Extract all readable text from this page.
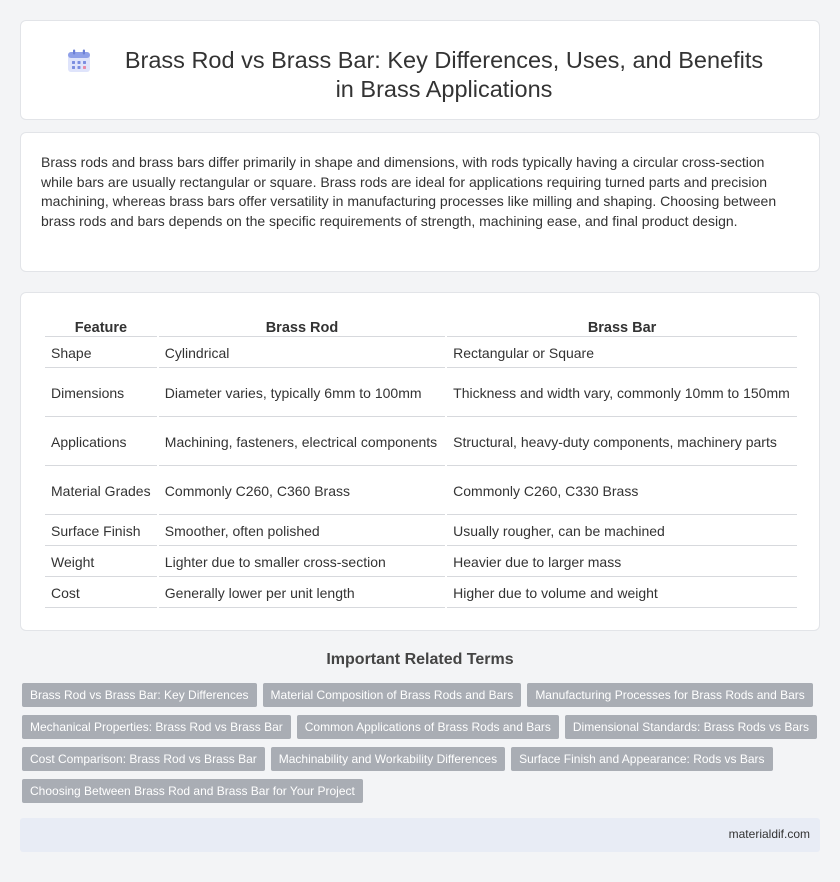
Brass Rod vs Brass Bar: Key Differences, Uses, and Benefits in Brass Applications

Brass rods and brass bars differ primarily in shape and dimensions, with rods typically having a circular cross-section while bars are usually rectangular or square. Brass rods are ideal for applications requiring turned parts and precision machining, whereas brass bars offer versatility in manufacturing processes like milling and shaping. Choosing between brass rods and bars depends on the specific requirements of strength, machining ease, and final product design.

Feature	Brass Rod	Brass Bar
Shape	Cylindrical	Rectangular or Square
Dimensions	Diameter varies, typically 6mm to 100mm	Thickness and width vary, commonly 10mm to 150mm
Applications	Machining, fasteners, electrical components	Structural, heavy-duty components, machinery parts
Material Grades	Commonly C260, C360 Brass	Commonly C260, C330 Brass
Surface Finish	Smoother, often polished	Usually rougher, can be machined
Weight	Lighter due to smaller cross-section	Heavier due to larger mass
Cost	Generally lower per unit length	Higher due to volume and weight
Important Related Terms
Brass Rod vs Brass Bar: Key Differences	Material Composition of Brass Rods and Bars	Manufacturing Processes for Brass Rods and Bars
Mechanical Properties: Brass Rod vs Brass Bar	Common Applications of Brass Rods and Bars	Dimensional Standards: Brass Rods vs Bars
Cost Comparison: Brass Rod vs Brass Bar	Machinability and Workability Differences	Surface Finish and Appearance: Rods vs Bars
Choosing Between Brass Rod and Brass Bar for Your Project
materialdif.com
